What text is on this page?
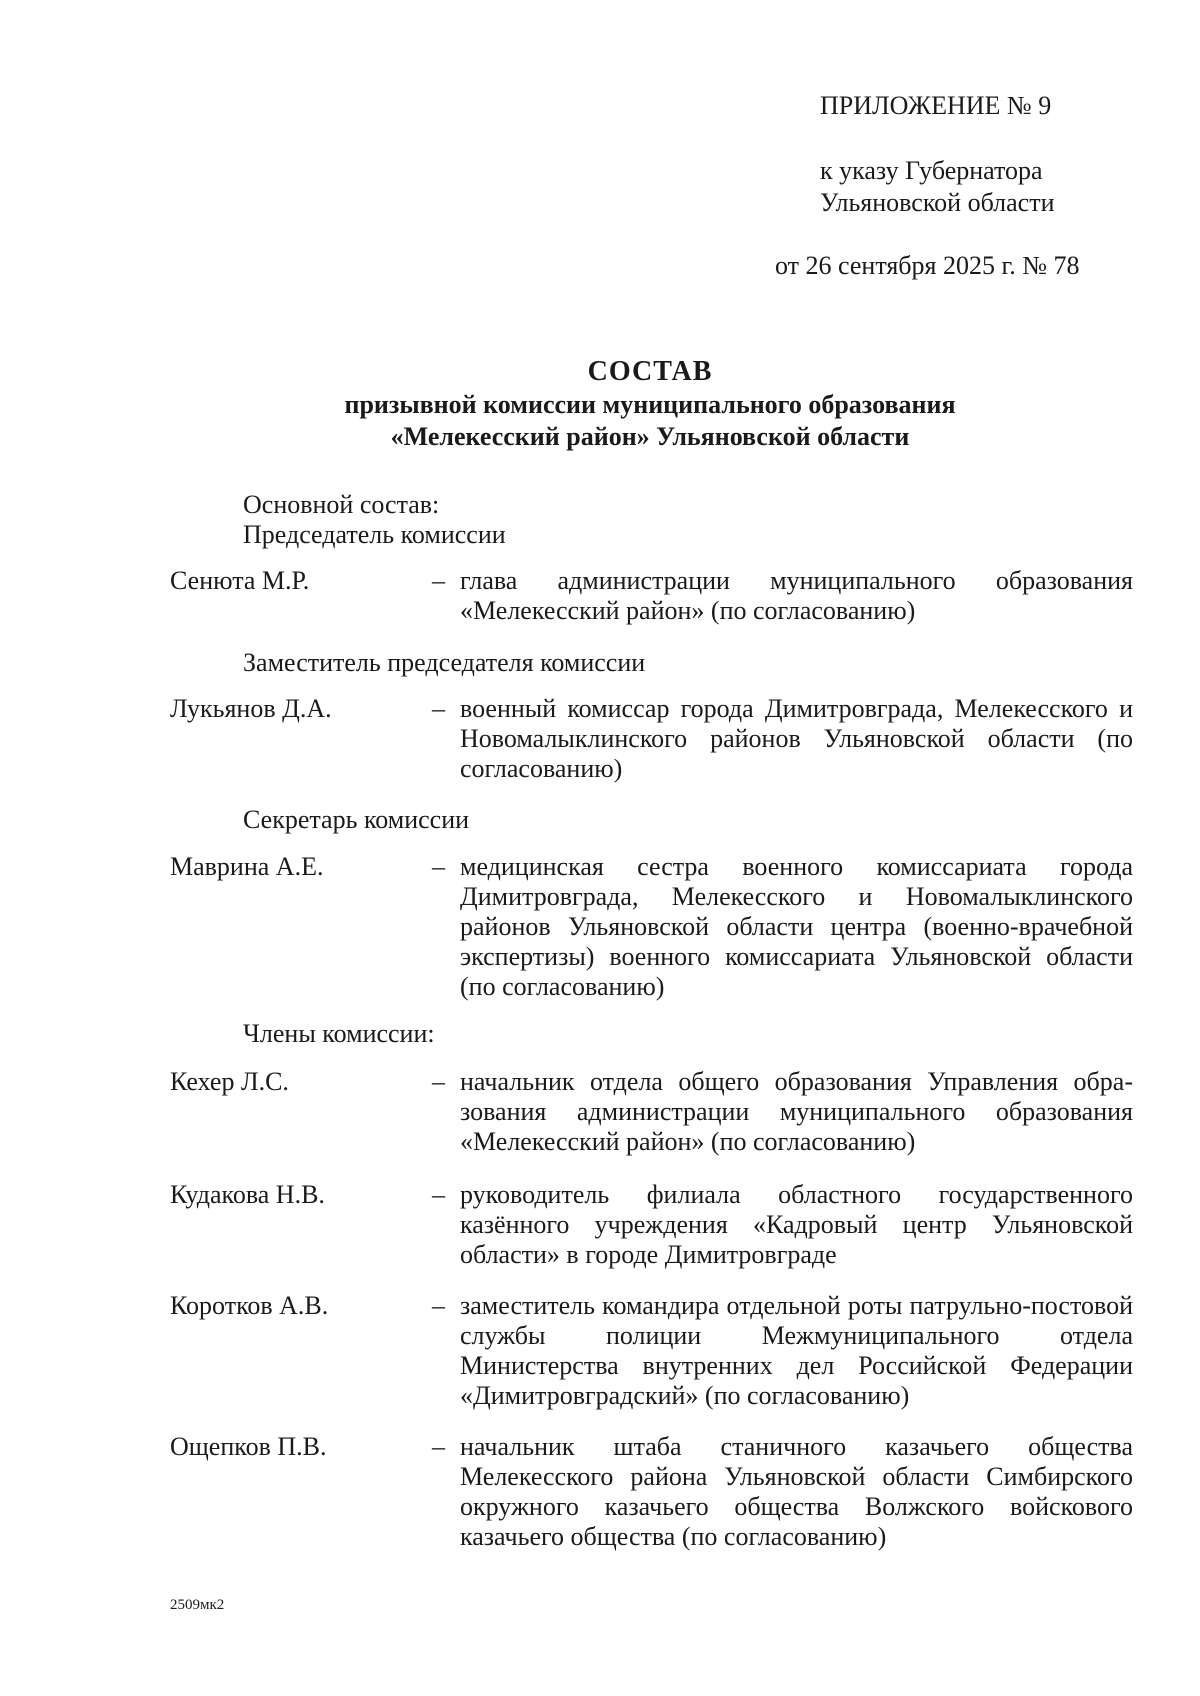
ПРИЛОЖЕНИЕ № 9
к указу Губернатора
Ульяновской области
от 26 сентября 2025 г. № 78
СОСТАВ
призывной комиссии муниципального образования
«Мелекесский район» Ульяновской области
Основной состав:
Председатель комиссии
Сенюта М.Р.	– глава администрации муниципального образования «Мелекесский район» (по согласованию)
Заместитель председателя комиссии
Лукьянов Д.А.	– военный комиссар города Димитровграда, Мелекесского и Новомалыклинского районов Ульяновской области (по согласованию)
Секретарь комиссии
Маврина А.Е.	– медицинская сестра военного комиссариата города Димитровграда, Мелекесского и Новомалыклинского районов Ульяновской области центра (военно-врачебной экспертизы) военного комиссариата Ульяновской области (по согласованию)
Члены комиссии:
Кехер Л.С.	– начальник отдела общего образования Управления образования администрации муниципального образования «Мелекесский район» (по согласованию)
Кудакова Н.В.	– руководитель филиала областного государственного казённого учреждения «Кадровый центр Ульяновской области» в городе Димитровграде
Коротков А.В.	– заместитель командира отдельной роты патрульно-постовой службы полиции Межмуниципального отдела Министерства внутренних дел Российской Федерации «Димитровградский» (по согласованию)
Ощепков П.В.	– начальник штаба станичного казачьего общества Мелекесского района Ульяновской области Симбирского окружного казачьего общества Волжского войскового казачьего общества (по согласованию)
2509мк2
